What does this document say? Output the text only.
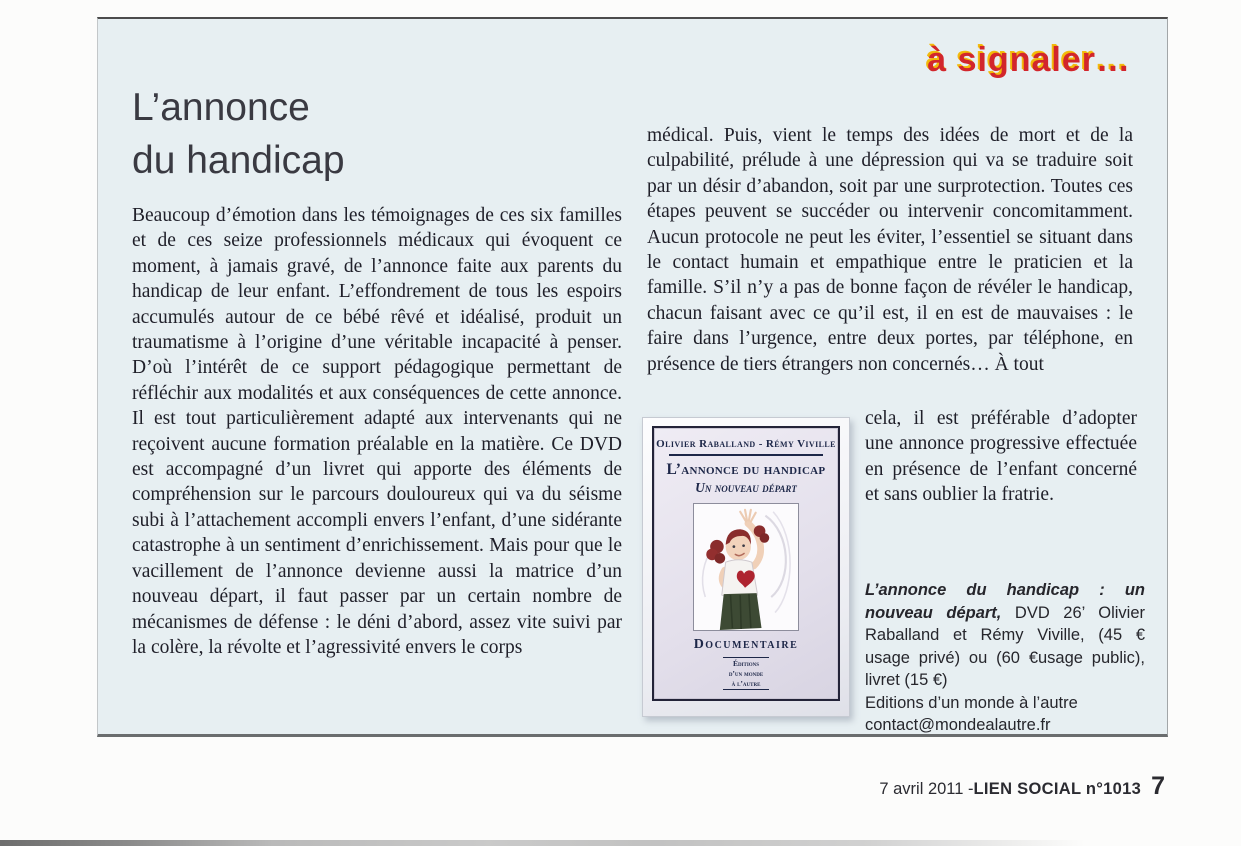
à signaler…
L’annonce
du handicap

Beaucoup d’émotion dans les témoignages de ces six familles et de ces seize professionnels médicaux qui évoquent ce moment, à jamais gravé, de l’annonce faite aux parents du handicap de leur enfant. L’effondrement de tous les espoirs accumulés autour de ce bébé rêvé et idéalisé, produit un traumatisme à l’origine d’une véritable incapacité à penser. D’où l’intérêt de ce support pédagogique permettant de réfléchir aux modalités et aux conséquences de cette annonce. Il est tout particulièrement adapté aux intervenants qui ne reçoivent aucune formation préalable en la matière. Ce DVD est accompagné d’un livret qui apporte des éléments de compréhension sur le parcours douloureux qui va du séisme subi à l’attachement accompli envers l’enfant, d’une sidérante catastrophe à un sentiment d’enrichissement. Mais pour que le vacillement de l’annonce devienne aussi la matrice d’un nouveau départ, il faut passer par un certain nombre de mécanismes de défense : le déni d’abord, assez vite suivi par la colère, la révolte et l’agressivité envers le corps

médical. Puis, vient le temps des idées de mort et de la culpabilité, prélude à une dépression qui va se traduire soit par un désir d’abandon, soit par une surprotection. Toutes ces étapes peuvent se succéder ou intervenir concomitamment. Aucun protocole ne peut les éviter, l’essentiel se situant dans le contact humain et empathique entre le praticien et la famille. S’il n’y a pas de bonne façon de révéler le handicap, chacun faisant avec ce qu’il est, il en est de mauvaises : le faire dans l’urgence, entre deux portes, par téléphone, en présence de tiers étrangers non concernés… À tout

cela, il est préférable d’adopter une annonce progressive effectuée en présence de l’enfant concerné et sans oublier la fratrie.

Olivier Raballand - Rémy Viville
L’annonce du handicap
Un nouveau départ
Documentaire
Éditions
d’un monde
à l’autre

L’annonce du handicap : un nouveau départ, DVD 26’ Olivier Raballand et Rémy Viville, (45 € usage privé) ou (60 €usage public), livret (15 €)

Editions d’un monde à l’autre
contact@mondealautre.fr
7 avril 2011 - LIEN SOCIAL n°1013 7
